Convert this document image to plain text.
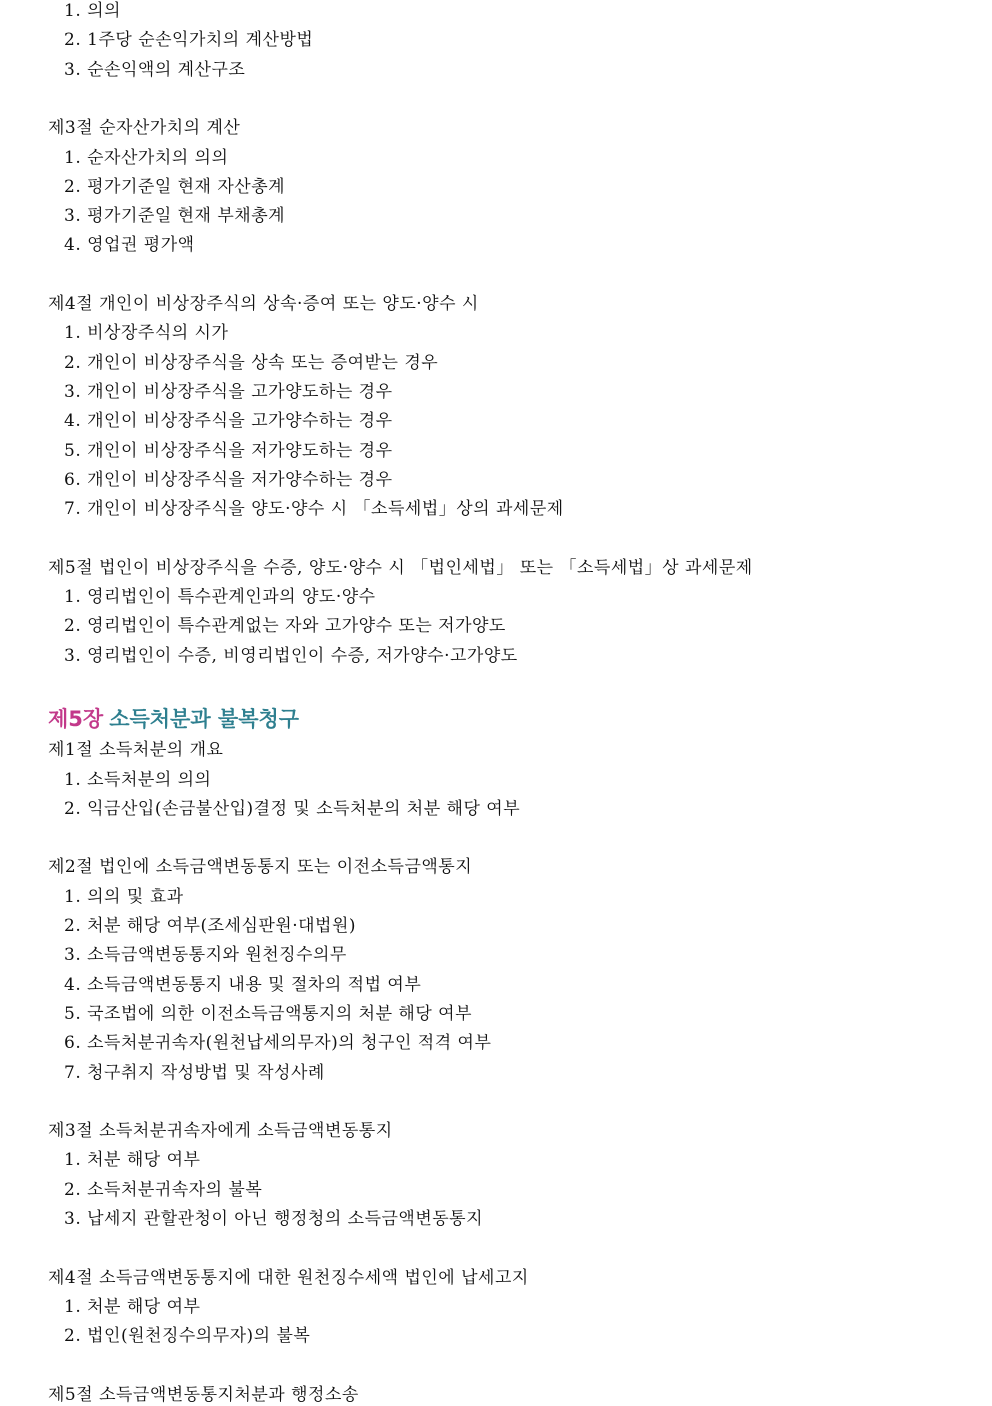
1. 의의
2. 1주당 순손익가치의 계산방법
3. 순손익액의 계산구조
제3절 순자산가치의 계산
1. 순자산가치의 의의
2. 평가기준일 현재 자산총계
3. 평가기준일 현재 부채총계
4. 영업권 평가액
제4절 개인이 비상장주식의 상속·증여 또는 양도·양수 시
1. 비상장주식의 시가
2. 개인이 비상장주식을 상속 또는 증여받는 경우
3. 개인이 비상장주식을 고가양도하는 경우
4. 개인이 비상장주식을 고가양수하는 경우
5. 개인이 비상장주식을 저가양도하는 경우
6. 개인이 비상장주식을 저가양수하는 경우
7. 개인이 비상장주식을 양도·양수 시 「소득세법」상의 과세문제
제5절 법인이 비상장주식을 수증, 양도·양수 시 「법인세법」 또는 「소득세법」상 과세문제
1. 영리법인이 특수관계인과의 양도·양수
2. 영리법인이 특수관계없는 자와 고가양수 또는 저가양도
3. 영리법인이 수증, 비영리법인이 수증, 저가양수·고가양도
제5장 소득처분과 불복청구
제1절 소득처분의 개요
1. 소득처분의 의의
2. 익금산입(손금불산입)결정 및 소득처분의 처분 해당 여부
제2절 법인에 소득금액변동통지 또는 이전소득금액통지
1. 의의 및 효과
2. 처분 해당 여부(조세심판원·대법원)
3. 소득금액변동통지와 원천징수의무
4. 소득금액변동통지 내용 및 절차의 적법 여부
5. 국조법에 의한 이전소득금액통지의 처분 해당 여부
6. 소득처분귀속자(원천납세의무자)의 청구인 적격 여부
7. 청구취지 작성방법 및 작성사례
제3절 소득처분귀속자에게 소득금액변동통지
1. 처분 해당 여부
2. 소득처분귀속자의 불복
3. 납세지 관할관청이 아닌 행정청의 소득금액변동통지
제4절 소득금액변동통지에 대한 원천징수세액 법인에 납세고지
1. 처분 해당 여부
2. 법인(원천징수의무자)의 불복
제5절 소득금액변동통지처분과 행정소송
